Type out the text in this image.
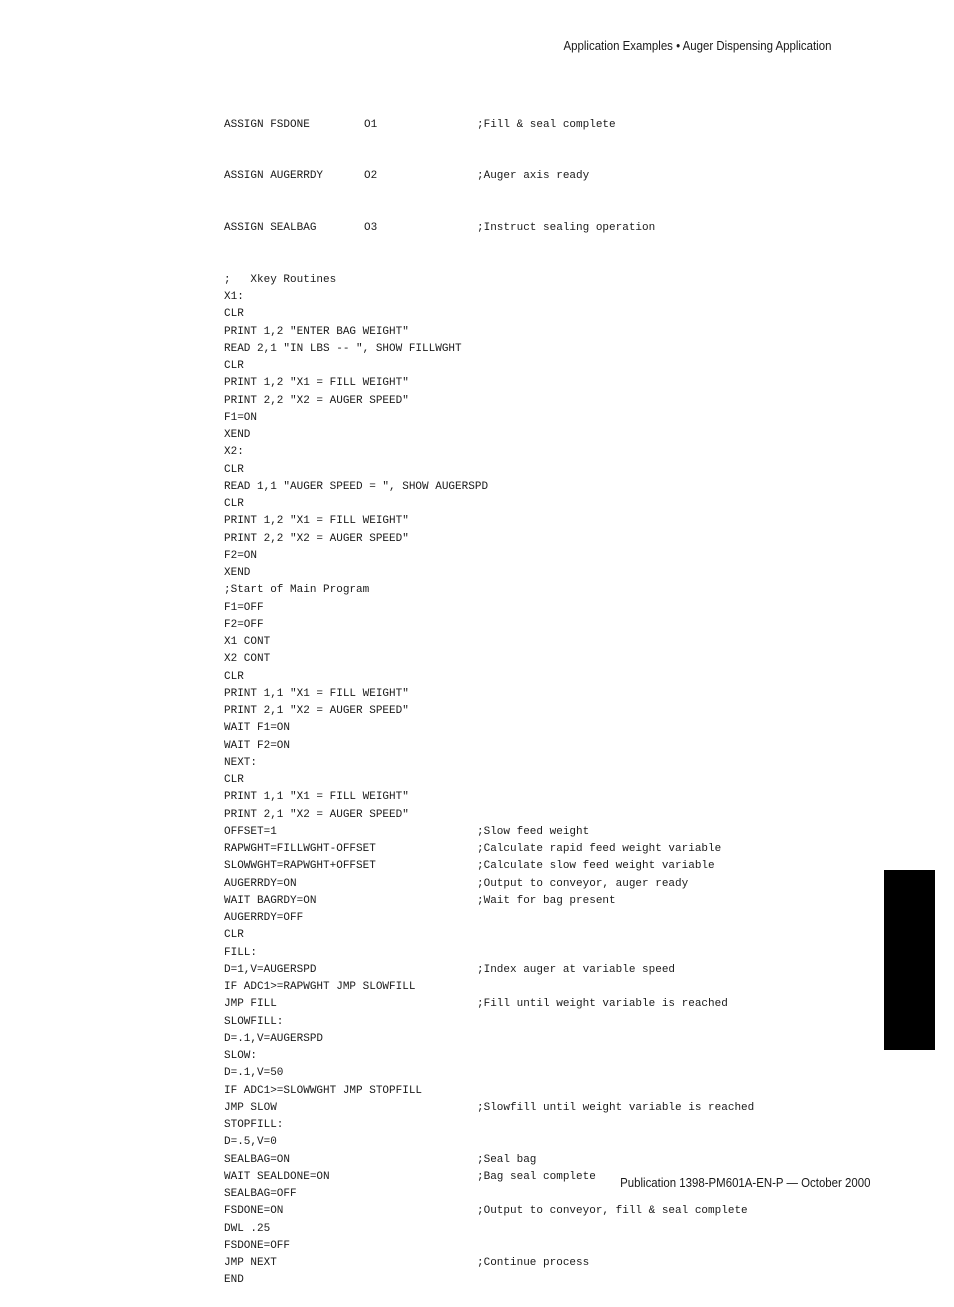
Application Examples • Auger Dispensing Application

ASSIGN FSDONE	O1	;Fill & seal complete

ASSIGN AUGERRDY	O2	;Auger axis ready

ASSIGN SEALBAG	O3	;Instruct sealing operation

;   Xkey Routines
X1:
CLR
PRINT 1,2 "ENTER BAG WEIGHT"
READ 2,1 "IN LBS -- ", SHOW FILLWGHT
CLR
PRINT 1,2 "X1 = FILL WEIGHT"
PRINT 2,2 "X2 = AUGER SPEED"
F1=ON
XEND
X2:
CLR
READ 1,1 "AUGER SPEED = ", SHOW AUGERSPD
CLR
PRINT 1,2 "X1 = FILL WEIGHT"
PRINT 2,2 "X2 = AUGER SPEED"
F2=ON
XEND
;Start of Main Program
F1=OFF
F2=OFF
X1 CONT
X2 CONT
CLR
PRINT 1,1 "X1 = FILL WEIGHT"
PRINT 2,1 "X2 = AUGER SPEED"
WAIT F1=ON
WAIT F2=ON
NEXT:
CLR
PRINT 1,1 "X1 = FILL WEIGHT"
PRINT 2,1 "X2 = AUGER SPEED"
OFFSET=1	;Slow feed weight
RAPWGHT=FILLWGHT-OFFSET	;Calculate rapid feed weight variable
SLOWWGHT=RAPWGHT+OFFSET	;Calculate slow feed weight variable
AUGERRDY=ON	;Output to conveyor, auger ready
WAIT BAGRDY=ON	;Wait for bag present
AUGERRDY=OFF
CLR
FILL:
D=1,V=AUGERSPD	;Index auger at variable speed
IF ADC1>=RAPWGHT JMP SLOWFILL
JMP FILL	;Fill until weight variable is reached
SLOWFILL:
D=.1,V=AUGERSPD
SLOW:
D=.1,V=50
IF ADC1>=SLOWWGHT JMP STOPFILL
JMP SLOW	;Slowfill until weight variable is reached
STOPFILL:
D=.5,V=0
SEALBAG=ON	;Seal bag
WAIT SEALDONE=ON	;Bag seal complete
SEALBAG=OFF
FSDONE=ON	;Output to conveyor, fill & seal complete
DWL .25
FSDONE=OFF
JMP NEXT	;Continue process
END

Publication 1398-PM601A-EN-P — October 2000
